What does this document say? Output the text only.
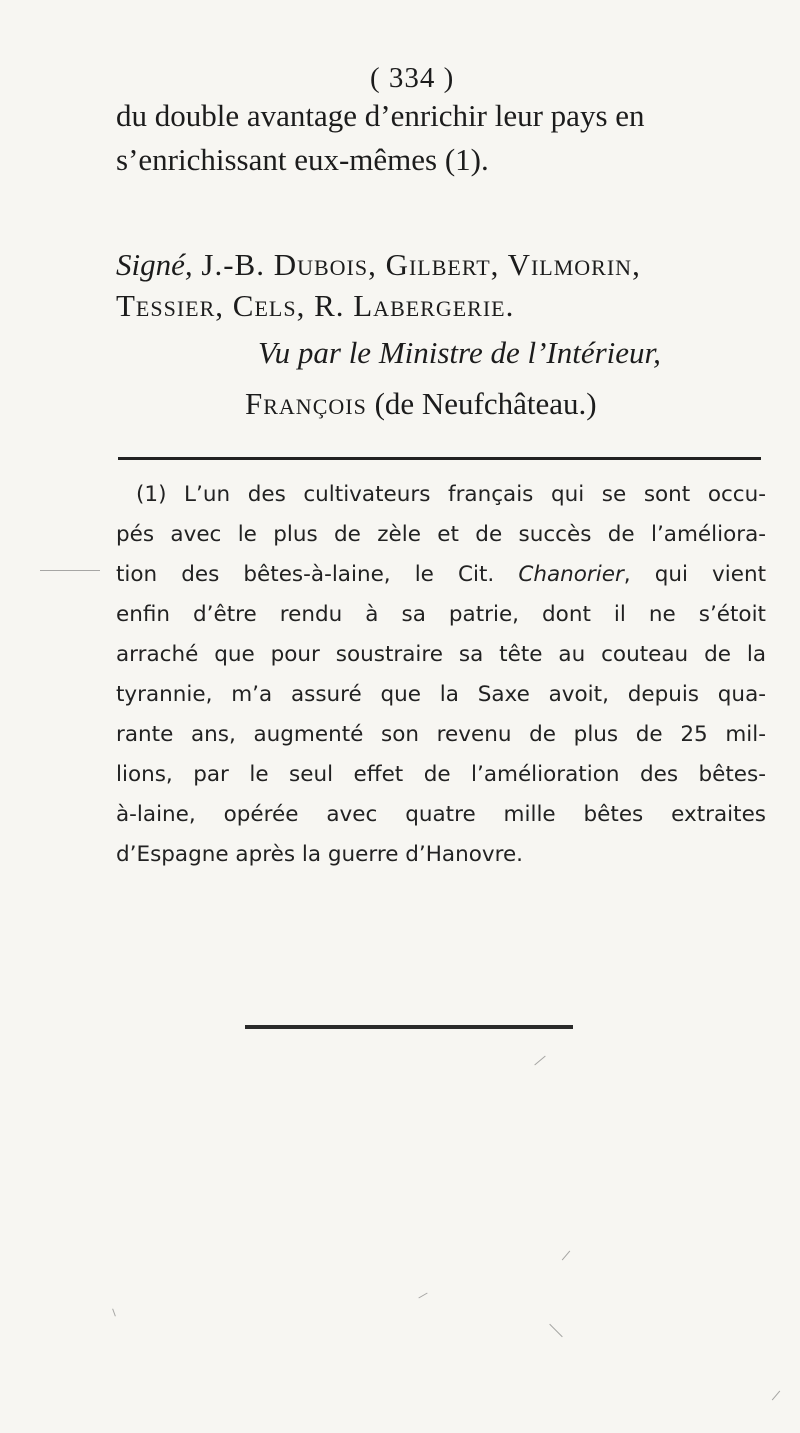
( 334 )
du double avantage d’enrichir leur pays en
s’enrichissant eux-mêmes (1).
Signé, J.-B. Dubois, Gilbert, Vilmorin,
Tessier, Cels, R. Labergerie.
Vu par le Ministre de l’Intérieur,
François (de Neufchâteau.)
(1) L’un des cultivateurs français qui se sont occu-
pés avec le plus de zèle et de succès de l’améliora-
tion des bêtes-à-laine, le Cit. Chanorier, qui vient
enfin d’être rendu à sa patrie, dont il ne s’étoit
arraché que pour soustraire sa tête au couteau de la
tyrannie, m’a assuré que la Saxe avoit, depuis qua-
rante ans, augmenté son revenu de plus de 25 mil-
lions, par le seul effet de l’amélioration des bêtes-
à-laine, opérée avec quatre mille bêtes extraites
d’Espagne après la guerre d’Hanovre.
